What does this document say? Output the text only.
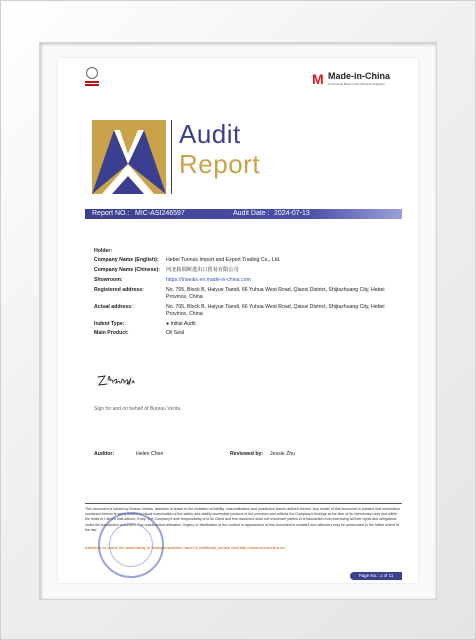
M Made-in-China
Connecting Buyers with Chinese Suppliers
Audit
Report
Report NO.: MIC-ASI246597	Audit Date : 2024-07-13
Holder:
Company Name (English): Hebei Tuoruis Import and Export Trading Co., Ltd.
Company Name (Chinese): 河北拓瑞斯进出口贸易有限公司
Showroom:	https://tnseals.en.made-in-china.com
Registered address:	No. 705, Block B, Haiyue Tiandi, 66 Yuhua West Road, Qiaoxi District, Shijiazhuang City, Hebei Province, China
Actual address:	No. 705, Block B, Haiyue Tiandi, 66 Yuhua West Road, Qiaoxi District, Shijiazhuang City, Hebei Province, China
Indent Type:	● Initial Audit
Main Product:	Oil Seal
Sign for and on behalf of Bureau Verita
Auditor:	Helen Chen	Reviewed by: Jessie Zhu
This document is issued by Bureau Veritas. Attention is drawn to the limitation of liability, indemnification and jurisdiction issues defined therein. Any holder of this document is advised that information contained hereon is solely limited to visual examination of the safety and readily accessible portions of the premises and reflects the Company's findings at the time of its intervention only and within the limits of Client's instructions, if any. The Company's sole responsibility is to its Client and this document does not exonerate parties to a transaction from exercising all their rights and obligations under the transaction document. Any unauthorized alteration, forgery or falsification of the content or appearance of this document is unlawful and offenders may be prosecuted to the fullest extent of the law.
Attention: to check the authenticity of testing/inspection report & certificate, please click:http://www.bvcorchina.cn/
Page No.: 1 of 11
